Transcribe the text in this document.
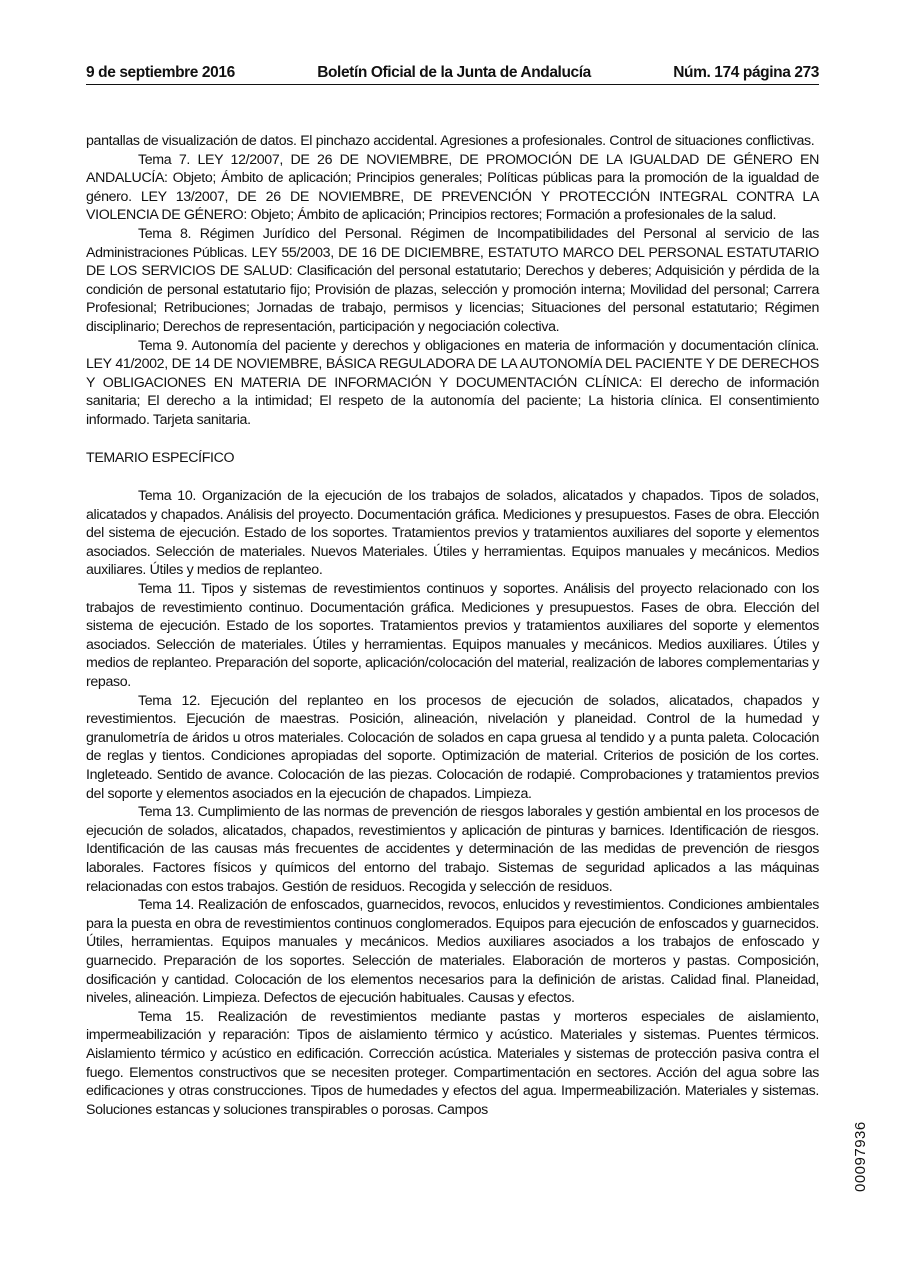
9 de septiembre 2016	Boletín Oficial de la Junta de Andalucía	Núm. 174 página 273

pantallas de visualización de datos. El pinchazo accidental. Agresiones a profesionales. Control de situaciones conflictivas.

Tema 7. LEY 12/2007, DE 26 DE NOVIEMBRE, DE PROMOCIÓN DE LA IGUALDAD DE GÉNERO EN ANDALUCÍA: Objeto; Ámbito de aplicación; Principios generales; Políticas públicas para la promoción de la igualdad de género. LEY 13/2007, DE 26 DE NOVIEMBRE, DE PREVENCIÓN Y PROTECCIÓN INTEGRAL CONTRA LA VIOLENCIA DE GÉNERO: Objeto; Ámbito de aplicación; Principios rectores; Formación a profesionales de la salud.

Tema 8. Régimen Jurídico del Personal. Régimen de Incompatibilidades del Personal al servicio de las Administraciones Públicas. LEY 55/2003, DE 16 DE DICIEMBRE, ESTATUTO MARCO DEL PERSONAL ESTATUTARIO DE LOS SERVICIOS DE SALUD: Clasificación del personal estatutario; Derechos y deberes; Adquisición y pérdida de la condición de personal estatutario fijo; Provisión de plazas, selección y promoción interna; Movilidad del personal; Carrera Profesional; Retribuciones; Jornadas de trabajo, permisos y licencias; Situaciones del personal estatutario; Régimen disciplinario; Derechos de representación, participación y negociación colectiva.

Tema 9. Autonomía del paciente y derechos y obligaciones en materia de información y documentación clínica. LEY 41/2002, DE 14 DE NOVIEMBRE, BÁSICA REGULADORA DE LA AUTONOMÍA DEL PACIENTE Y DE DERECHOS Y OBLIGACIONES EN MATERIA DE INFORMACIÓN Y DOCUMENTACIÓN CLÍNICA: El derecho de información sanitaria; El derecho a la intimidad; El respeto de la autonomía del paciente; La historia clínica. El consentimiento informado. Tarjeta sanitaria.

TEMARIO ESPECÍFICO

Tema 10. Organización de la ejecución de los trabajos de solados, alicatados y chapados. Tipos de solados, alicatados y chapados. Análisis del proyecto. Documentación gráfica. Mediciones y presupuestos. Fases de obra. Elección del sistema de ejecución. Estado de los soportes. Tratamientos previos y tratamientos auxiliares del soporte y elementos asociados. Selección de materiales. Nuevos Materiales. Útiles y herramientas. Equipos manuales y mecánicos. Medios auxiliares. Útiles y medios de replanteo.

Tema 11. Tipos y sistemas de revestimientos continuos y soportes. Análisis del proyecto relacionado con los trabajos de revestimiento continuo. Documentación gráfica. Mediciones y presupuestos. Fases de obra. Elección del sistema de ejecución. Estado de los soportes. Tratamientos previos y tratamientos auxiliares del soporte y elementos asociados. Selección de materiales. Útiles y herramientas. Equipos manuales y mecánicos. Medios auxiliares. Útiles y medios de replanteo. Preparación del soporte, aplicación/colocación del material, realización de labores complementarias y repaso.

Tema 12. Ejecución del replanteo en los procesos de ejecución de solados, alicatados, chapados y revestimientos. Ejecución de maestras. Posición, alineación, nivelación y planeidad. Control de la humedad y granulometría de áridos u otros materiales. Colocación de solados en capa gruesa al tendido y a punta paleta. Colocación de reglas y tientos. Condiciones apropiadas del soporte. Optimización de material. Criterios de posición de los cortes. Ingleteado. Sentido de avance. Colocación de las piezas. Colocación de rodapié. Comprobaciones y tratamientos previos del soporte y elementos asociados en la ejecución de chapados. Limpieza.

Tema 13. Cumplimiento de las normas de prevención de riesgos laborales y gestión ambiental en los procesos de ejecución de solados, alicatados, chapados, revestimientos y aplicación de pinturas y barnices. Identificación de riesgos. Identificación de las causas más frecuentes de accidentes y determinación de las medidas de prevención de riesgos laborales. Factores físicos y químicos del entorno del trabajo. Sistemas de seguridad aplicados a las máquinas relacionadas con estos trabajos. Gestión de residuos. Recogida y selección de residuos.

Tema 14. Realización de enfoscados, guarnecidos, revocos, enlucidos y revestimientos. Condiciones ambientales para la puesta en obra de revestimientos continuos conglomerados. Equipos para ejecución de enfoscados y guarnecidos. Útiles, herramientas. Equipos manuales y mecánicos. Medios auxiliares asociados a los trabajos de enfoscado y guarnecido. Preparación de los soportes. Selección de materiales. Elaboración de morteros y pastas. Composición, dosificación y cantidad. Colocación de los elementos necesarios para la definición de aristas. Calidad final. Planeidad, niveles, alineación. Limpieza. Defectos de ejecución habituales. Causas y efectos.

Tema 15. Realización de revestimientos mediante pastas y morteros especiales de aislamiento, impermeabilización y reparación: Tipos de aislamiento térmico y acústico. Materiales y sistemas. Puentes térmicos. Aislamiento térmico y acústico en edificación. Corrección acústica. Materiales y sistemas de protección pasiva contra el fuego. Elementos constructivos que se necesiten proteger. Compartimentación en sectores. Acción del agua sobre las edificaciones y otras construcciones. Tipos de humedades y efectos del agua. Impermeabilización. Materiales y sistemas. Soluciones estancas y soluciones transpirables o porosas. Campos

00097936
